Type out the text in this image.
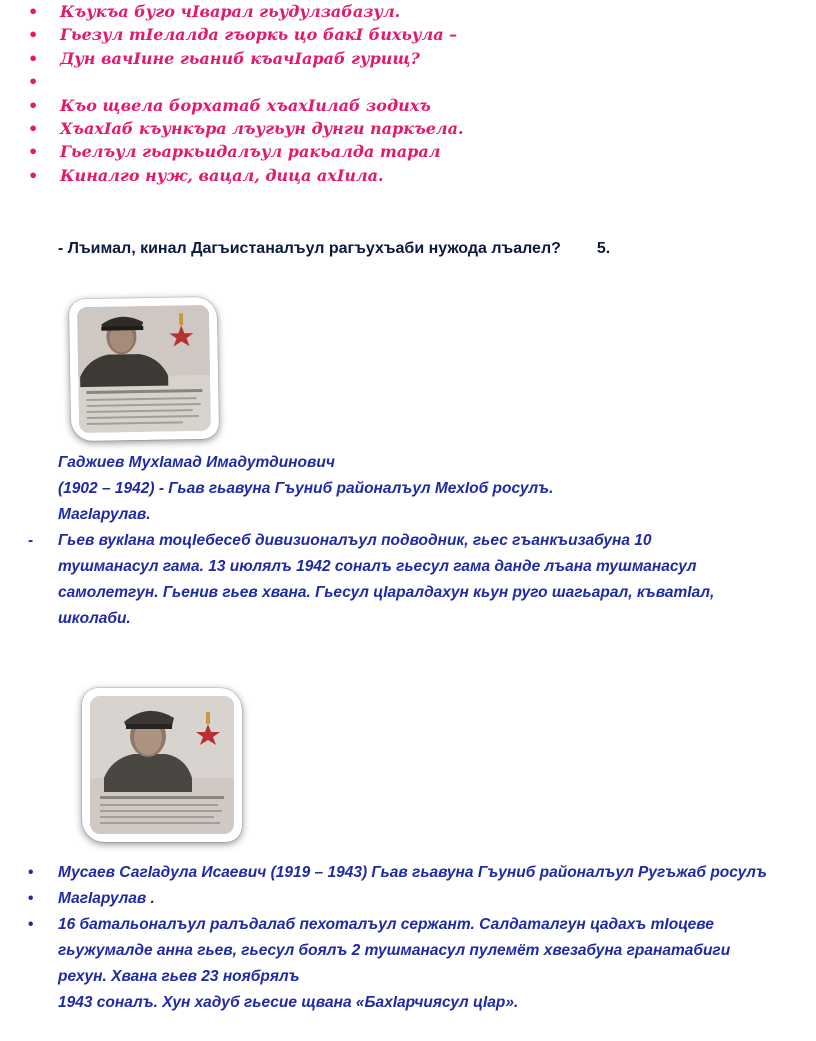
• Къукъа буго чIварал гьудулзабазул.
• Гьезул тIелалда гъоркь цо бакI бихьула –
• Дун вачIине гьаниб къачIараб гурищ?
•
• Къо щвела борхатаб хъахIилаб зодихъ
• ХъахIаб къункъра лъугьун дунги паркъела.
• Гьелъул гьаркьидалъул ракьалда тарал
• Киналго нуж, вацал, дица ахIила.

- Лъимал, кинал Дагъистаналъул рагъухъаби нужода лъалел? 5.

Гаджиев МухIамад Имадутдинович

(1902 – 1942) - Гьав гьавуна Гъуниб районалъул МехIоб росулъ.

МагIарулав.

- Гьев вукIана тоцIебесеб дивизионалъул подводник, гьес гъанкъизабуна 10

тушманасул гама. 13 июлялъ 1942 соналъ гьесул гама данде лъана тушманасул

самолетгун. Гьенив гьев хвана. Гьесул цIаралдахун кьун руго шагьарал, къватIал,

школаби.

• Мусаев СагIадула Исаевич (1919 – 1943) Гьав гьавуна Гъуниб районалъул Ругъжаб росулъ
• МагIарулав .
• 16 батальоналъул ралъдалаб пехоталъул сержант. Салдаталгун цадахъ тIоцеве
гьужумалде анна гьев, гьесул боялъ 2 тушманасул пулемёт хвезабуна гранатабиги
рехун. Хвана гьев 23 ноябрялъ
1943 соналъ. Хун хадуб гьесие щвана «БахIарчиясул цIар».
